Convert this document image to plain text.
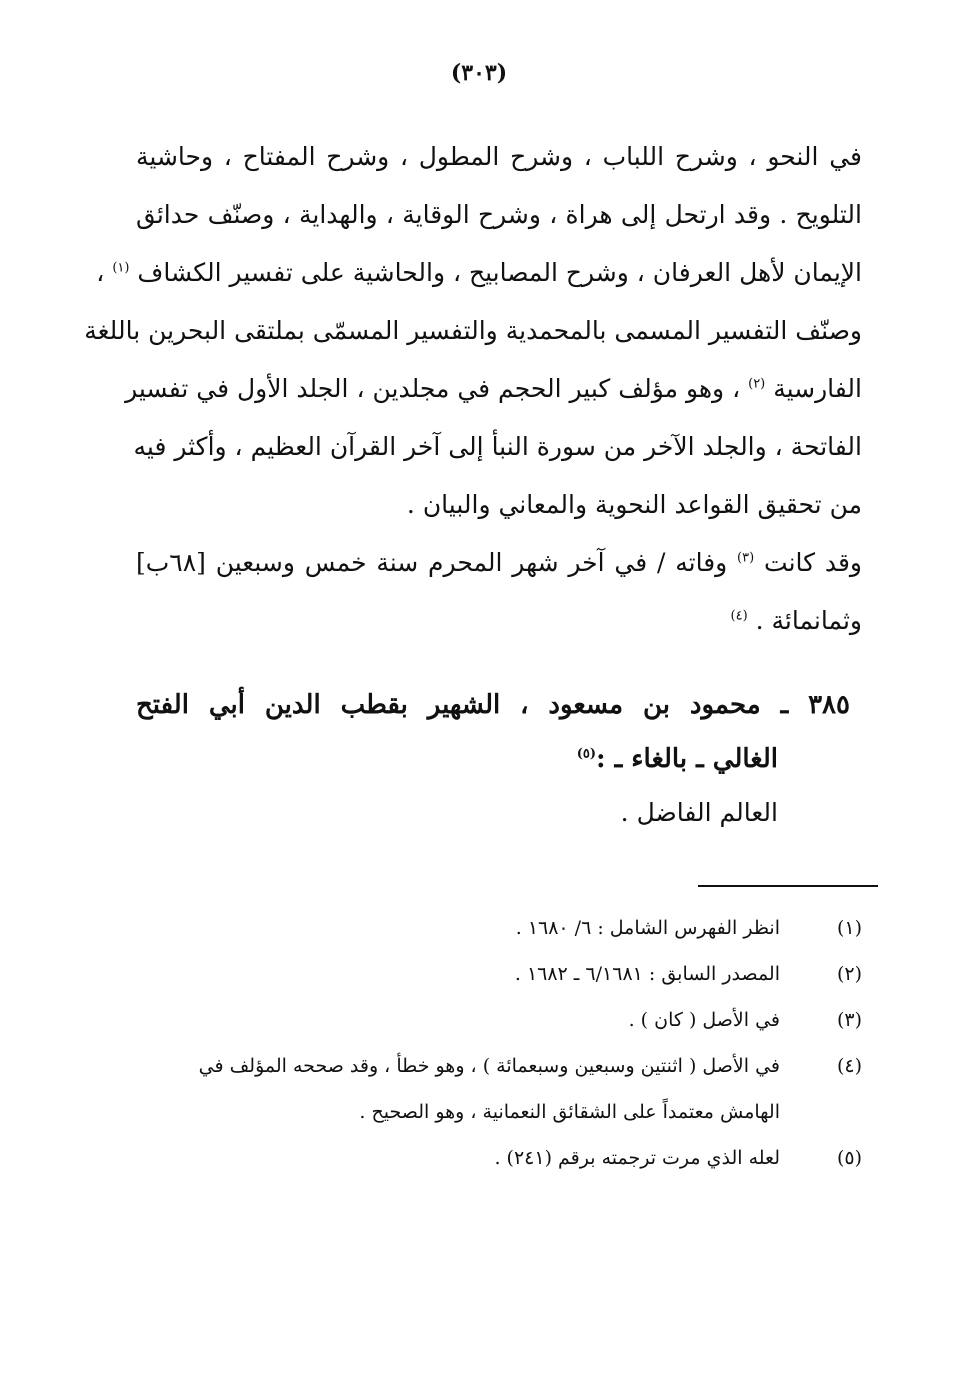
(٣٠٣)
في النحو ، وشرح اللباب ، وشرح المطول ، وشرح المفتاح ، وحاشية
التلويح . وقد ارتحل إلى هراة ، وشرح الوقاية ، والهداية ، وصنّف حدائق
الإيمان لأهل العرفان ، وشرح المصابيح ، والحاشية على تفسير الكشاف $^{(١)}$ ،
وصنّف التفسير المسمى بالمحمدية والتفسير المسمّى بملتقى البحرين باللغة
الفارسية $^{(٢)}$ ، وهو مؤلف كبير الحجم في مجلدين ، الجلد الأول في تفسير
الفاتحة ، والجلد الآخر من سورة النبأ إلى آخر القرآن العظيم ، وأكثر فيه
من تحقيق القواعد النحوية والمعاني والبيان .
وقد كانت $^{(٣)}$ وفاته / في آخر شهر المحرم سنة خمس وسبعين [٦٨ب]
وثمانمائة . $^{(٤)}$
٣٨٥ ـ محمود بن مسعود ، الشهير بقطب الدين أبي الفتح
الغالي ـ بالغاء ـ :$^{(٥)}$
العالم الفاضل .
(١)
انظر الفهرس الشامل : ٦/ ١٦٨٠ .
(٢)
المصدر السابق : ٦/١٦٨١ ـ ١٦٨٢ .
(٣)
في الأصل ( كان ) .
(٤)
في الأصل ( اثنتين وسبعين وسبعمائة ) ، وهو خطأ ، وقد صححه المؤلف في
الهامش معتمداً على الشقائق النعمانية ، وهو الصحيح .
(٥)
لعله الذي مرت ترجمته برقم (٢٤١) .
